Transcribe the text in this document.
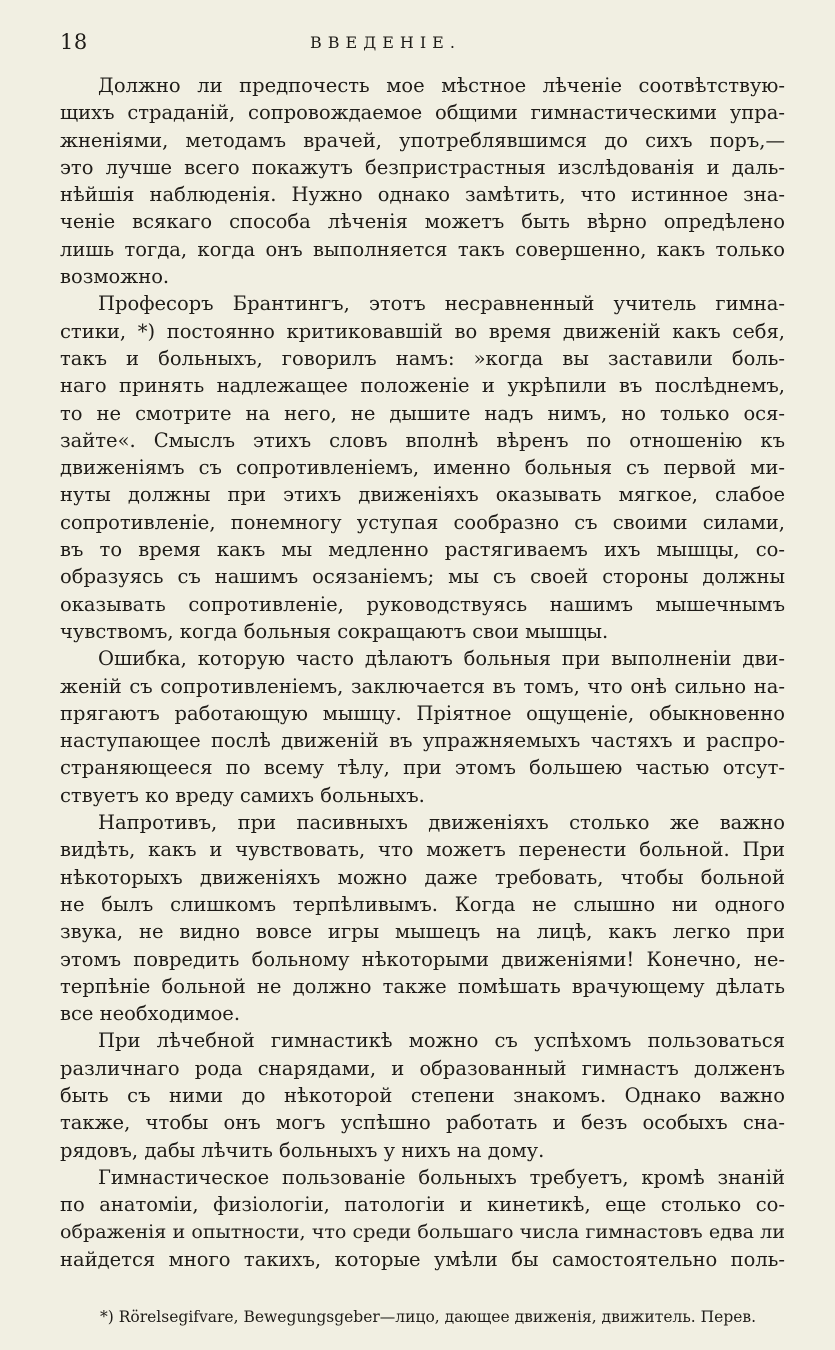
18	ВВЕДЕНІЕ.
Должно ли предпочесть мое мѣстное лѣченіе соотвѣтствую-
щихъ страданій, сопровождаемое общими гимнастическими упра-
жненіями, методамъ врачей, употреблявшимся до сихъ поръ,—
это лучше всего покажутъ безпристрастныя изслѣдованія и даль-
нѣйшія наблюденія. Нужно однако замѣтить, что истинное зна-
ченіе всякаго способа лѣченія можетъ быть вѣрно опредѣлено
лишь тогда, когда онъ выполняется такъ совершенно, какъ только
возможно.
Професоръ Брантингъ, этотъ несравненный учитель гимна-
стики, *) постоянно критиковавшій во время движеній какъ себя,
такъ и больныхъ, говорилъ намъ: »когда вы заставили боль-
наго принять надлежащее положеніе и укрѣпили въ послѣднемъ,
то не смотрите на него, не дышите надъ нимъ, но только ося-
зайте«. Смыслъ этихъ словъ вполнѣ вѣренъ по отношенію къ
движеніямъ съ сопротивленіемъ, именно больныя съ первой ми-
нуты должны при этихъ движеніяхъ оказывать мягкое, слабое
сопротивленіе, понемногу уступая сообразно съ своими силами,
въ то время какъ мы медленно растягиваемъ ихъ мышцы, со-
образуясь съ нашимъ осязаніемъ; мы съ своей стороны должны
оказывать сопротивленіе, руководствуясь нашимъ мышечнымъ
чувствомъ, когда больныя сокращаютъ свои мышцы.
Ошибка, которую часто дѣлаютъ больныя при выполненіи дви-
женій съ сопротивленіемъ, заключается въ томъ, что онѣ сильно на-
прягаютъ работающую мышцу. Пріятное ощущеніе, обыкновенно
наступающее послѣ движеній въ упражняемыхъ частяхъ и распро-
страняющееся по всему тѣлу, при этомъ большею частью отсут-
ствуетъ ко вреду самихъ больныхъ.
Напротивъ, при пасивныхъ движеніяхъ столько же важно
видѣть, какъ и чувствовать, что можетъ перенести больной. При
нѣкоторыхъ движеніяхъ можно даже требовать, чтобы больной
не былъ слишкомъ терпѣливымъ. Когда не слышно ни одного
звука, не видно вовсе игры мышецъ на лицѣ, какъ легко при
этомъ повредить больному нѣкоторыми движеніями! Конечно, не-
терпѣніе больной не должно также помѣшать врачующему дѣлать
все необходимое.
При лѣчебной гимнастикѣ можно съ успѣхомъ пользоваться
различнаго рода снарядами, и образованный гимнастъ долженъ
быть съ ними до нѣкоторой степени знакомъ. Однако важно
также, чтобы онъ могъ успѣшно работать и безъ особыхъ сна-
рядовъ, дабы лѣчить больныхъ у нихъ на дому.
Гимнастическое пользованіе больныхъ требуетъ, кромѣ знаній
по анатоміи, физіологіи, патологіи и кинетикѣ, еще столько со-
ображенія и опытности, что среди большаго числа гимнастовъ едва ли
найдется много такихъ, которые умѣли бы самостоятельно поль-
*) Rörelsegifvare, Bewegungsgeber—лицо, дающее движенія, движитель. Перев.
